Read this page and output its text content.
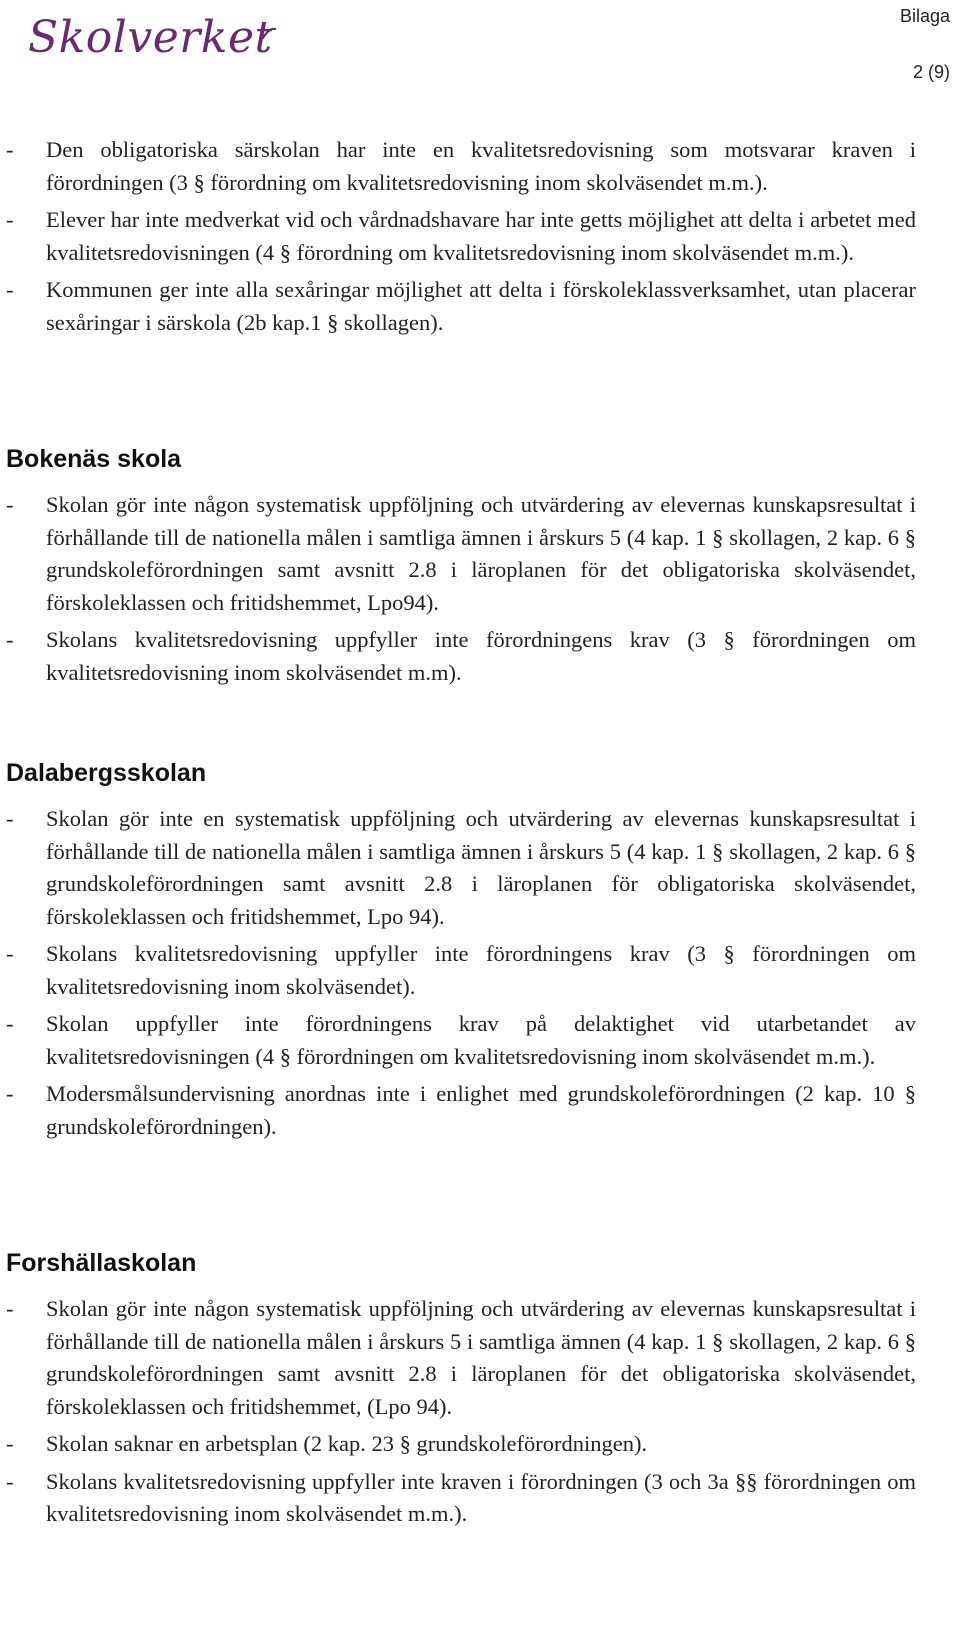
Skolverket	Bilaga
2 (9)
- Den obligatoriska särskolan har inte en kvalitetsredovisning som motsvarar kraven i förordningen (3 § förordning om kvalitetsredovisning inom skolväsendet m.m.).
- Elever har inte medverkat vid och vårdnadshavare har inte getts möjlighet att delta i arbetet med kvalitetsredovisningen (4 § förordning om kvalitetsredovisning inom skolväsendet m.m.).
- Kommunen ger inte alla sexåringar möjlighet att delta i förskoleklassverksamhet, utan placerar sexåringar i särskola (2b kap.1 § skollagen).
Bokenäs skola
- Skolan gör inte någon systematisk uppföljning och utvärdering av elevernas kunskapsresultat i förhållande till de nationella målen i samtliga ämnen i årskurs 5 (4 kap. 1 § skollagen, 2 kap. 6 § grundskoleförordningen samt avsnitt 2.8 i läroplanen för det obligatoriska skolväsendet, förskoleklassen och fritidshemmet, Lpo94).
- Skolans kvalitetsredovisning uppfyller inte förordningens krav (3 § förordningen om kvalitetsredovisning inom skolväsendet m.m).
Dalabergsskolan
- Skolan gör inte en systematisk uppföljning och utvärdering av elevernas kunskapsresultat i förhållande till de nationella målen i samtliga ämnen i årskurs 5 (4 kap. 1 § skollagen, 2 kap. 6 § grundskoleförordningen samt avsnitt 2.8 i läroplanen för obligatoriska skolväsendet, förskoleklassen och fritidshemmet, Lpo 94).
- Skolans kvalitetsredovisning uppfyller inte förordningens krav (3 § förordningen om kvalitetsredovisning inom skolväsendet).
- Skolan uppfyller inte förordningens krav på delaktighet vid utarbetandet av kvalitetsredovisningen (4 § förordningen om kvalitetsredovisning inom skolväsendet m.m.).
- Modersmålsundervisning anordnas inte i enlighet med grundskoleförordningen (2 kap. 10 § grundskoleförordningen).
Forshällaskolan
- Skolan gör inte någon systematisk uppföljning och utvärdering av elevernas kunskapsresultat i förhållande till de nationella målen i årskurs 5 i samtliga ämnen (4 kap. 1 § skollagen, 2 kap. 6 § grundskoleförordningen samt avsnitt 2.8 i läroplanen för det obligatoriska skolväsendet, förskoleklassen och fritidshemmet, (Lpo 94).
- Skolan saknar en arbetsplan (2 kap. 23 § grundskoleförordningen).
- Skolans kvalitetsredovisning uppfyller inte kraven i förordningen (3 och 3a §§ förordningen om kvalitetsredovisning inom skolväsendet m.m.).
